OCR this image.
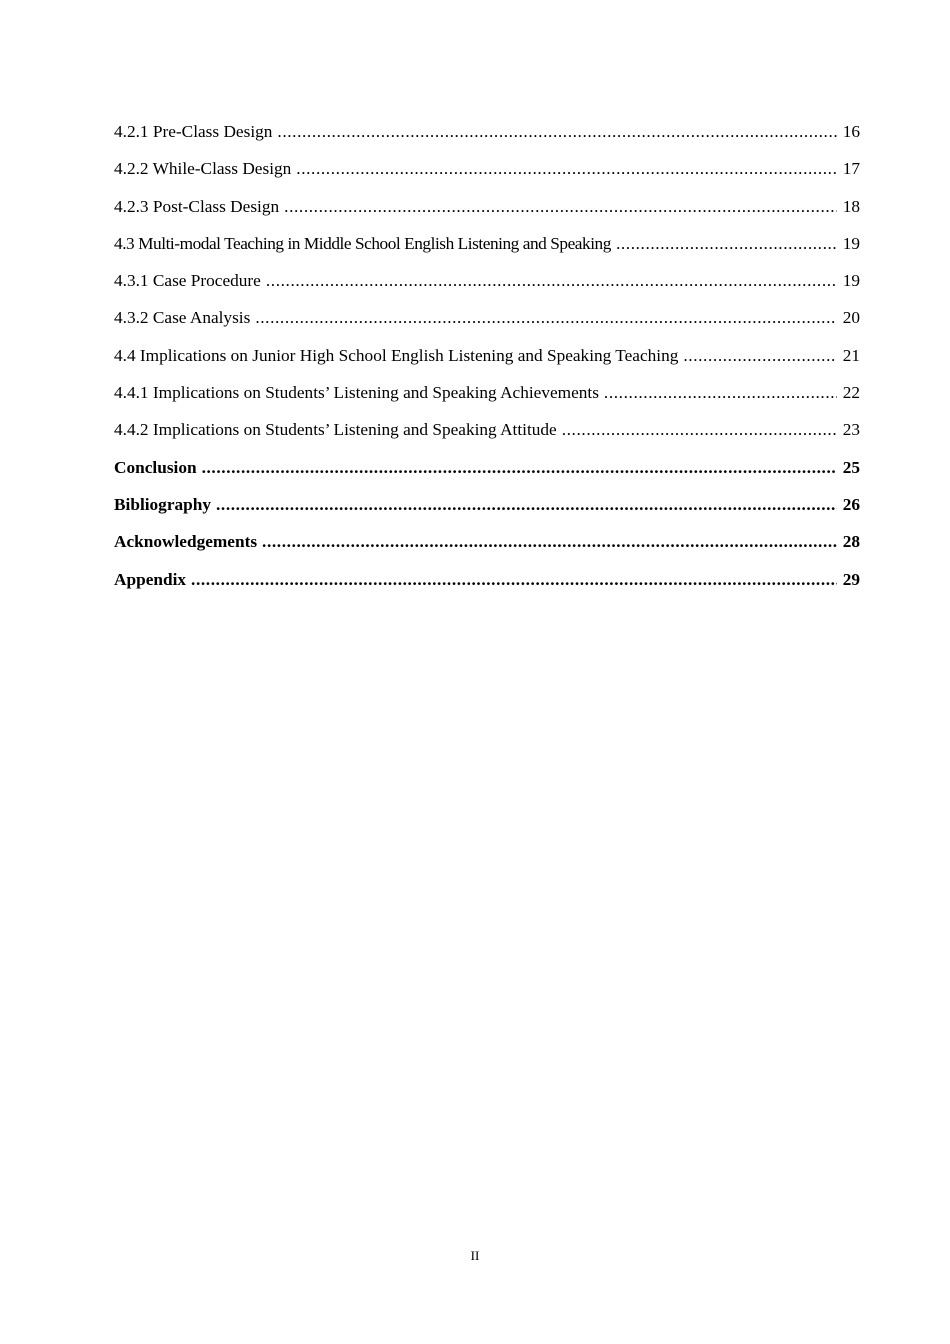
4.2.1 Pre-Class Design .....	16
4.2.2 While-Class Design .....	17
4.2.3 Post-Class Design .....	18
4.3 Multi-modal Teaching in Middle School English Listening and Speaking .....	19
4.3.1 Case Procedure .....	19
4.3.2 Case Analysis .....	20
4.4 Implications on Junior High School English Listening and Speaking Teaching .....	21
4.4.1 Implications on Students’ Listening and Speaking Achievements .....	22
4.4.2 Implications on Students’ Listening and Speaking Attitude .....	23
Conclusion .....	25
Bibliography .....	26
Acknowledgements .....	28
Appendix .....	29
II
